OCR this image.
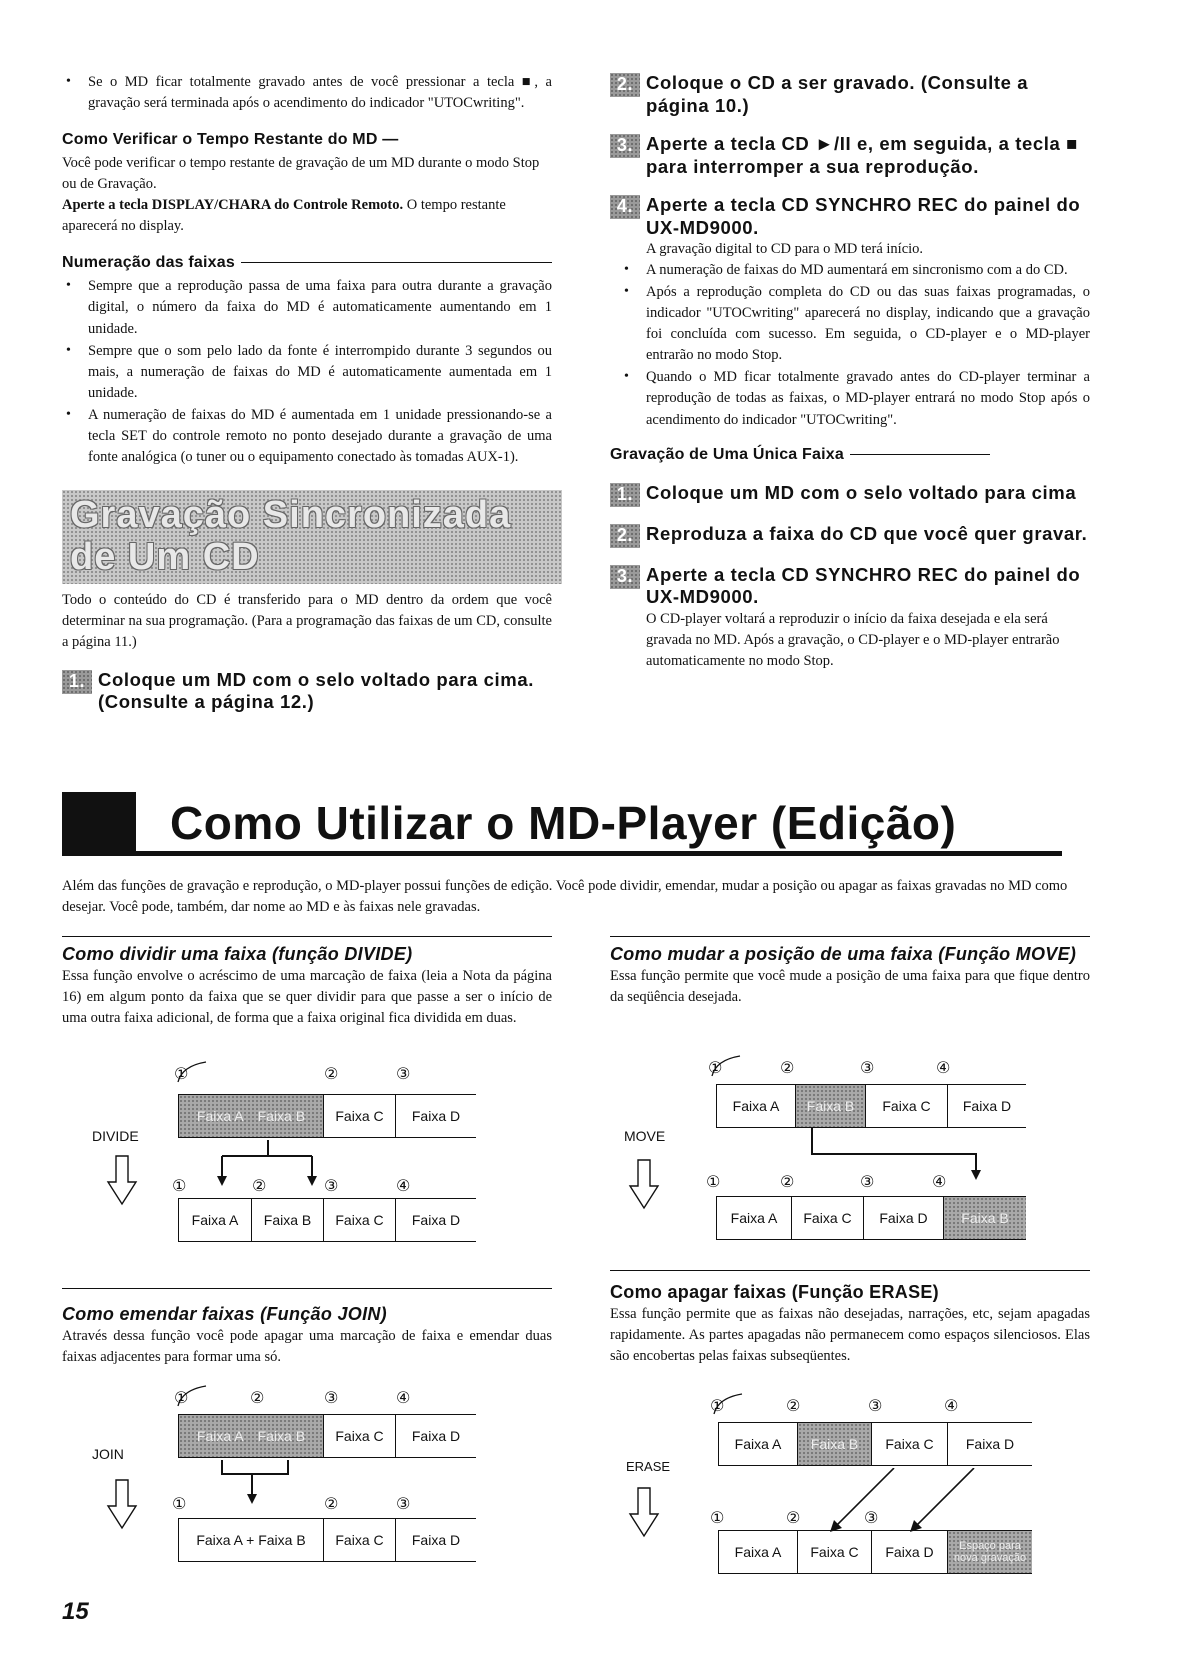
• Se o MD ficar totalmente gravado antes de você pressionar a tecla ■, a gravação será terminada após o acendimento do indicador "UTOCwriting".
Como Verificar o Tempo Restante do MD —

Você pode verificar o tempo restante de gravação de um MD durante o modo Stop ou de Gravação.

Aperte a tecla DISPLAY/CHARA do Controle Remoto. O tempo restante aparecerá no display.

Numeração das faixas
• Sempre que a reprodução passa de uma faixa para outra durante a gravação digital, o número da faixa do MD é automaticamente aumentando em 1 unidade.
• Sempre que o som pelo lado da fonte é interrompido durante 3 segundos ou mais, a numeração de faixas do MD é automaticamente aumentada em 1 unidade.
• A numeração de faixas do MD é aumentada em 1 unidade pressionando-se a tecla SET do controle remoto no ponto desejado durante a gravação de uma fonte analógica (o tuner ou o equipamento conectado às tomadas AUX-1).
Gravação Sincronizada
de Um CD

Todo o conteúdo do CD é transferido para o MD dentro da ordem que você determinar na sua programação. (Para a programação das faixas de um CD, consulte a página 11.)

1. Coloque um MD com o selo voltado para cima. (Consulte a página 12.)
2. Coloque o CD a ser gravado. (Consulte a página 10.)
3. Aperte a tecla CD ►/II e, em seguida, a tecla ■ para interromper a sua reprodução.
4. Aperte a tecla CD SYNCHRO REC do painel do UX-MD9000.

A gravação digital to CD para o MD terá início.

• A numeração de faixas do MD aumentará em sincronismo com a do CD.
• Após a reprodução completa do CD ou das suas faixas programadas, o indicador "UTOCwriting" aparecerá no display, indicando que a gravação foi concluída com sucesso. Em seguida, o CD-player e o MD-player entrarão no modo Stop.
• Quando o MD ficar totalmente gravado antes do CD-player terminar a reprodução de todas as faixas, o MD-player entrará no modo Stop após o acendimento do indicador "UTOCwriting".
Gravação de Uma Única Faixa
1. Coloque um MD com o selo voltado para cima
2. Reproduza a faixa do CD que você quer gravar.
3. Aperte a tecla CD SYNCHRO REC do painel do UX-MD9000.

O CD-player voltará a reproduzir o início da faixa desejada e ela será gravada no MD. Após a gravação, o CD-player e o MD-player entrarão automaticamente no modo Stop.

Como Utilizar o MD-Player (Edição)

Além das funções de gravação e reprodução, o MD-player possui funções de edição. Você pode dividir, emendar, mudar a posição ou apagar as faixas gravadas no MD como desejar. Você pode, também, dar nome ao MD e às faixas nele gravadas.

Como dividir uma faixa (função DIVIDE)

Essa função envolve o acréscimo de uma marcação de faixa (leia a Nota da página 16) em algum ponto da faixa que se quer dividir para que passe a ser o início de uma outra faixa adicional, de forma que a faixa original fica dividida em duas.

①	②	③
Faixa A Faixa B	Faixa C	Faixa D
DIVIDE
①	②	③	④
Faixa A	Faixa B	Faixa C	Faixa D
Como emendar faixas (Função JOIN)

Através dessa função você pode apagar uma marcação de faixa e emendar duas faixas adjacentes para formar uma só.

①	②	③	④
Faixa A Faixa B	Faixa C	Faixa D
JOIN
①	②	③
Faixa A + Faixa B	Faixa C	Faixa D
Como mudar a posição de uma faixa (Função MOVE)

Essa função permite que você mude a posição de uma faixa para que fique dentro da seqüência desejada.

①	②	③	④
Faixa A	Faixa B	Faixa C	Faixa D
MOVE
①	②	③	④
Faixa A	Faixa C	Faixa D	Faixa B
Como apagar faixas (Função ERASE)

Essa função permite que as faixas não desejadas, narrações, etc, sejam apagadas rapidamente. As partes apagadas não permanecem como espaços silenciosos. Elas são encobertas pelas faixas subseqüentes.

①	②	③	④
Faixa A	Faixa B	Faixa C	Faixa D
ERASE
①	②	③
Faixa A	Faixa C	Faixa D	Espaço para nova gravação
15
